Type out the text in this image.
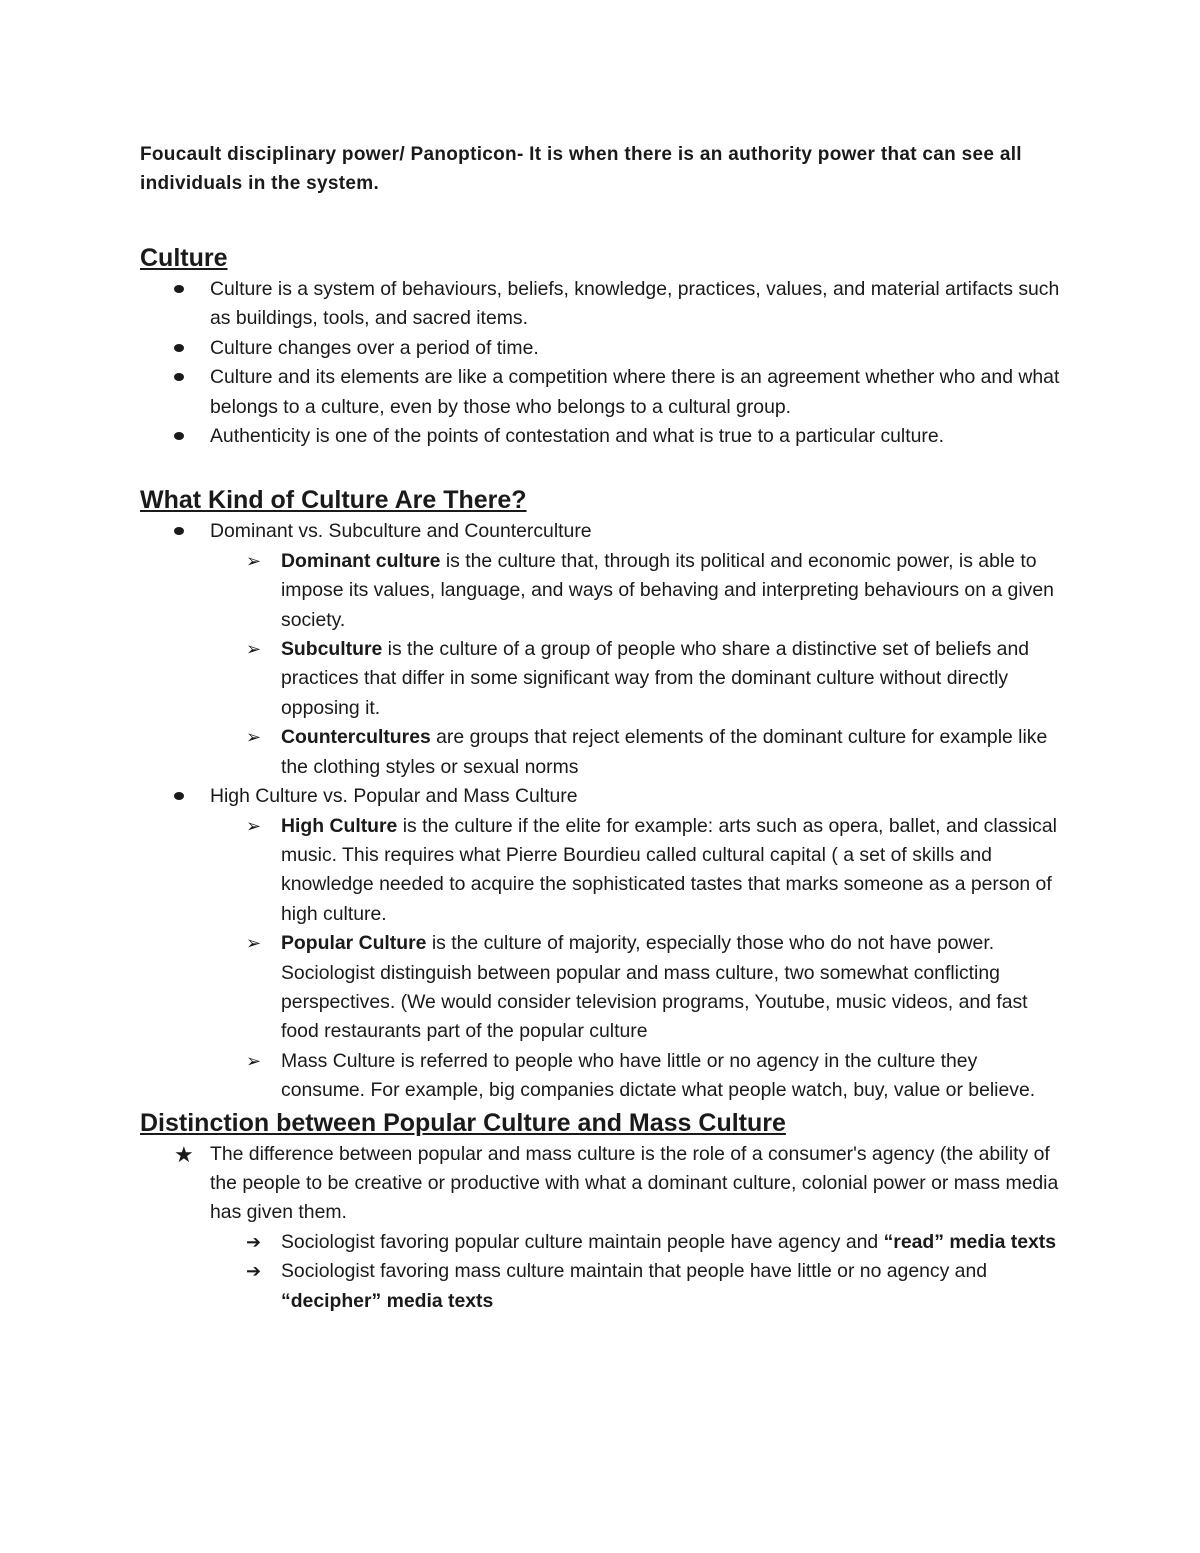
Foucault disciplinary power/ Panopticon- It is when there is an authority power that can see all individuals in the system.

Culture
Culture is a system of behaviours, beliefs, knowledge, practices, values, and material artifacts such as buildings, tools, and sacred items.
Culture changes over a period of time.
Culture and its elements are like a competition where there is an agreement whether who and what belongs to a culture, even by those who belongs to a cultural group.
Authenticity is one of the points of contestation and what is true to a particular culture.
What Kind of Culture Are There?
Dominant vs. Subculture and Counterculture
➢ Dominant culture is the culture that, through its political and economic power, is able to impose its values, language, and ways of behaving and interpreting behaviours on a given society.
➢ Subculture is the culture of a group of people who share a distinctive set of beliefs and practices that differ in some significant way from the dominant culture without directly opposing it.
➢ Countercultures are groups that reject elements of the dominant culture for example like the clothing styles or sexual norms
High Culture vs. Popular and Mass Culture
➢ High Culture is the culture if the elite for example: arts such as opera, ballet, and classical music. This requires what Pierre Bourdieu called cultural capital ( a set of skills and knowledge needed to acquire the sophisticated tastes that marks someone as a person of high culture.
➢ Popular Culture is the culture of majority, especially those who do not have power. Sociologist distinguish between popular and mass culture, two somewhat conflicting perspectives. (We would consider television programs, Youtube, music videos, and fast food restaurants part of the popular culture
➢ Mass Culture is referred to people who have little or no agency in the culture they consume. For example, big companies dictate what people watch, buy, value or believe.
Distinction between Popular Culture and Mass Culture
★ The difference between popular and mass culture is the role of a consumer's agency (the ability of the people to be creative or productive with what a dominant culture, colonial power or mass media has given them.
➔ Sociologist favoring popular culture maintain people have agency and “read” media texts
➔ Sociologist favoring mass culture maintain that people have little or no agency and “decipher” media texts
